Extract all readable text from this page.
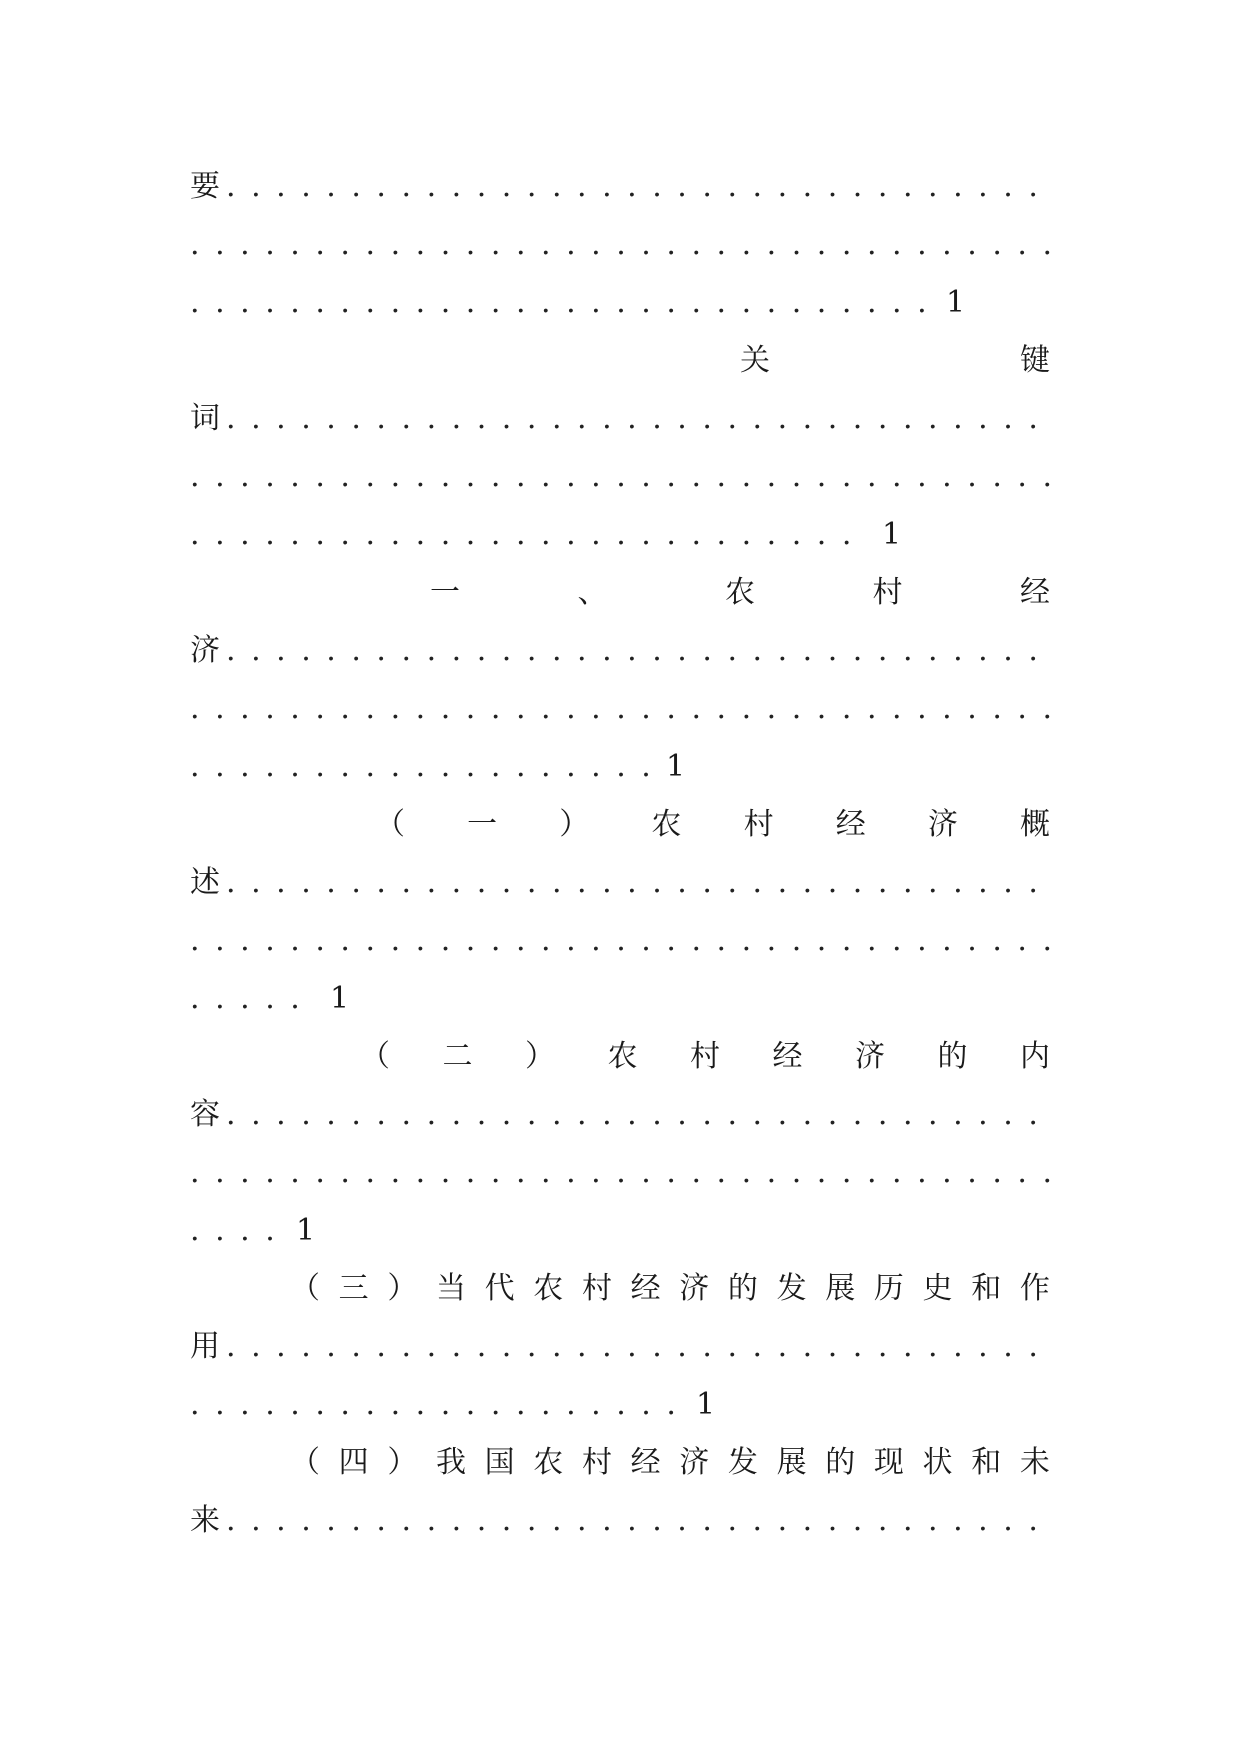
要
. . .
. . .
. . .
1
关	键
词
. . .
. . .
. . .
1
一	、	农	村	经
济
. . .
. . .
. . .
1
（ 一 ） 农 村 经 济 概
述
. . .
. . .
. . .
1
（ 二 ） 农 村 经 济 的 内
容
. . .
. . .
. . .
1
（ 三 ） 当 代 农 村 经 济 的 发 展 历 史 和 作
用
. . .
. . .
1
（ 四 ） 我 国 农 村 经 济 发 展 的 现 状 和 未
来
. . .
